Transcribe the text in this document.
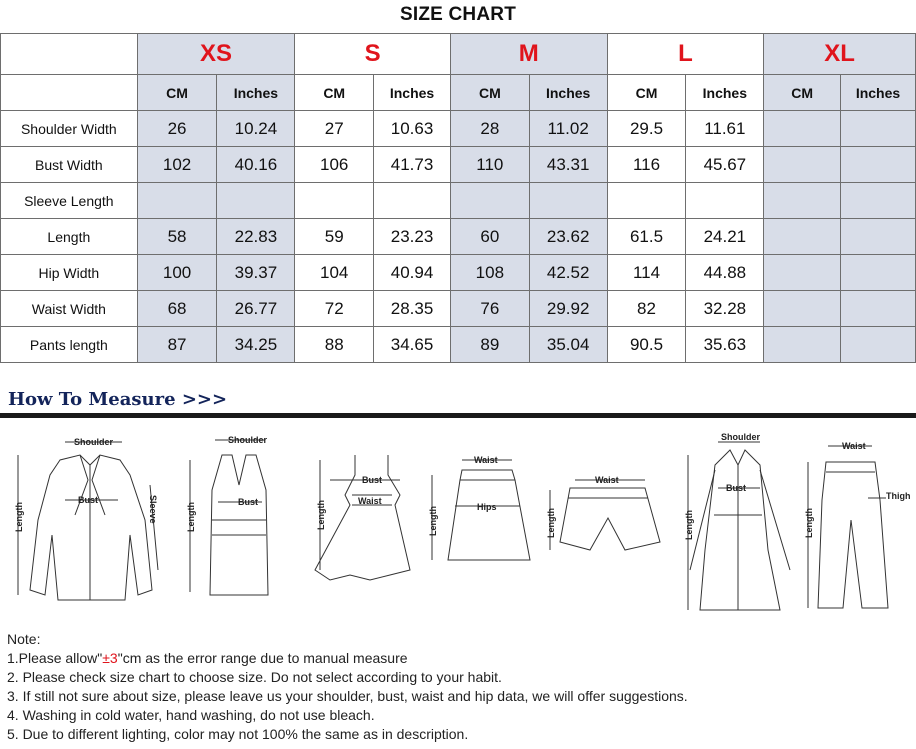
SIZE CHART
	XS		S		M		L		XL	
	CM	Inches	CM	Inches	CM	Inches	CM	Inches	CM	Inches
Shoulder Width	26	10.24	27	10.63	28	11.02	29.5	11.61		
Bust Width	102	40.16	106	41.73	110	43.31	116	45.67		
Sleeve Length										
Length	58	22.83	59	23.23	60	23.62	61.5	24.21		
Hip Width	100	39.37	104	40.94	108	42.52	114	44.88		
Waist Width	68	26.77	72	28.35	76	29.92	82	32.28		
Pants length	87	34.25	88	34.65	89	35.04	90.5	35.63		
How To Measure >>>
Shoulder
Bust	Sleeve
Length
Shoulder
Bust
Length
Bust
Waist
Length
Waist
Hips
Length
Waist
Length
Shoulder
Bust
Length
Waist
Thigh
Length
Note:
1.Please allow"±3"cm as the error range due to manual measure
2. Please check size chart to choose size. Do not select according to your habit.
3. If still not sure about size, please leave us your shoulder, bust, waist and hip data, we will offer suggestions.
4. Washing in cold water, hand washing, do not use bleach.
5. Due to different lighting, color may not 100% the same as in description.
